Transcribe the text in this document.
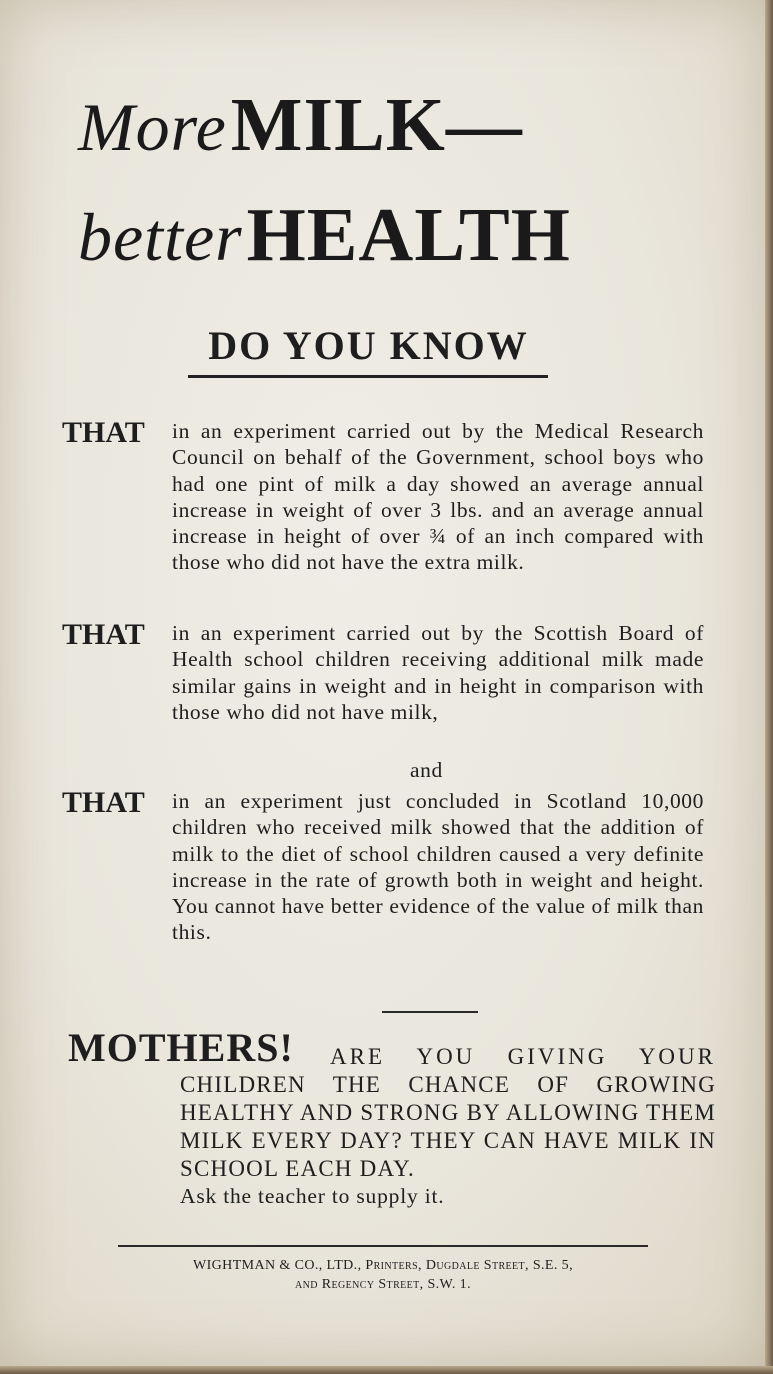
More MILK—
better HEALTH
DO YOU KNOW
THAT in an experiment carried out by the Medical Research Council on behalf of the Government, school boys who had one pint of milk a day showed an average annual increase in weight of over 3 lbs. and an average annual increase in height of over ¾ of an inch compared with those who did not have the extra milk.
THAT in an experiment carried out by the Scottish Board of Health school children receiving additional milk made similar gains in weight and in height in comparison with those who did not have milk,
and
THAT in an experiment just concluded in Scotland 10,000 children who received milk showed that the addition of milk to the diet of school children caused a very definite increase in the rate of growth both in weight and height. You cannot have better evidence of the value of milk than this.
MOTHERS! ARE YOU GIVING YOUR
CHILDREN THE CHANCE OF GROWING HEALTHY AND STRONG BY ALLOWING THEM MILK EVERY DAY? THEY CAN HAVE MILK IN SCHOOL EACH DAY.
Ask the teacher to supply it.
WIGHTMAN & CO., LTD., Printers, Dugdale Street, S.E. 5,
and Regency Street, S.W. 1.
